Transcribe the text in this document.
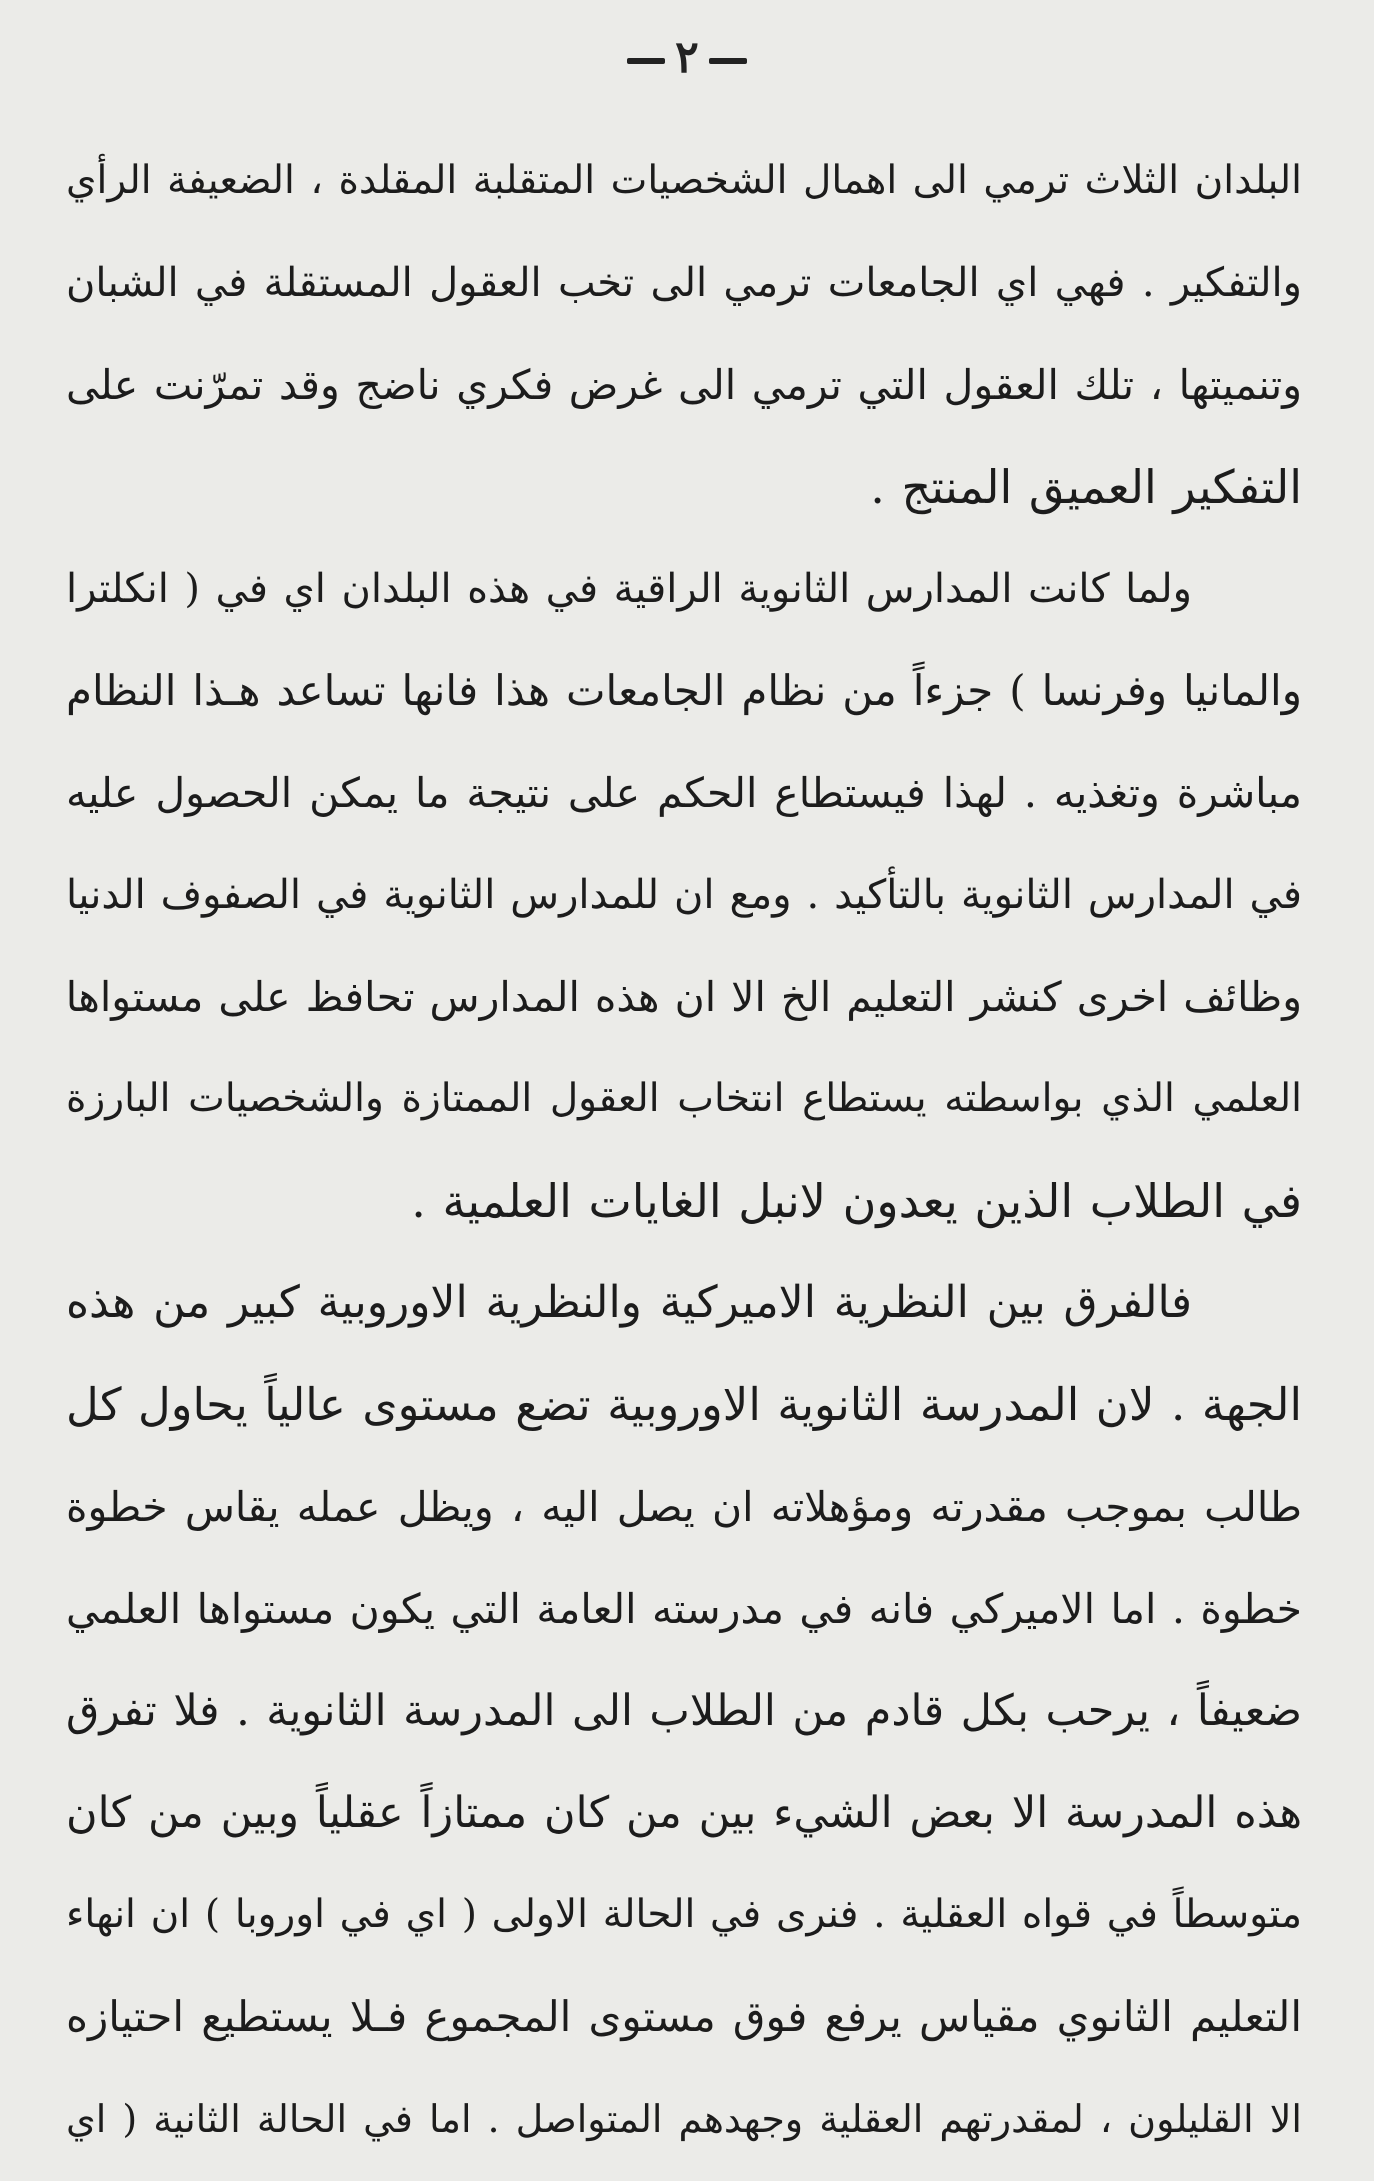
٢
البلدان الثلاث ترمي الى اهمال الشخصيات المتقلبة المقلدة ، الضعيفة الرأي
والتفكير . فهي اي الجامعات ترمي الى تخب العقول المستقلة في الشبان
وتنميتها ، تلك العقول التي ترمي الى غرض فكري ناضج وقد تمرّنت على
التفكير العميق المنتج .
ولما كانت المدارس الثانوية الراقية في هذه البلدان اي في ( انكلترا
والمانيا وفرنسا ) جزءاً من نظام الجامعات هذا فانها تساعد هـذا النظام
مباشرة وتغذيه . لهذا فيستطاع الحكم على نتيجة ما يمكن الحصول عليه
في المدارس الثانوية بالتأكيد . ومع ان للمدارس الثانوية في الصفوف الدنيا
وظائف اخرى كنشر التعليم الخ الا ان هذه المدارس تحافظ على مستواها
العلمي الذي بواسطته يستطاع انتخاب العقول الممتازة والشخصيات البارزة
في الطلاب الذين يعدون لانبل الغايات العلمية .
فالفرق بين النظرية الاميركية والنظرية الاوروبية كبير من هذه
الجهة . لان المدرسة الثانوية الاوروبية تضع مستوى عالياً يحاول كل
طالب بموجب مقدرته ومؤهلاته ان يصل اليه ، ويظل عمله يقاس خطوة
خطوة . اما الاميركي فانه في مدرسته العامة التي يكون مستواها العلمي
ضعيفاً ، يرحب بكل قادم من الطلاب الى المدرسة الثانوية . فلا تفرق
هذه المدرسة الا بعض الشيء بين من كان ممتازاً عقلياً وبين من كان
متوسطاً في قواه العقلية . فنرى في الحالة الاولى ( اي في اوروبا ) ان انهاء
التعليم الثانوي مقياس يرفع فوق مستوى المجموع فـلا يستطيع احتيازه
الا القليلون ، لمقدرتهم العقلية وجهدهم المتواصل . اما في الحالة الثانية ( اي
